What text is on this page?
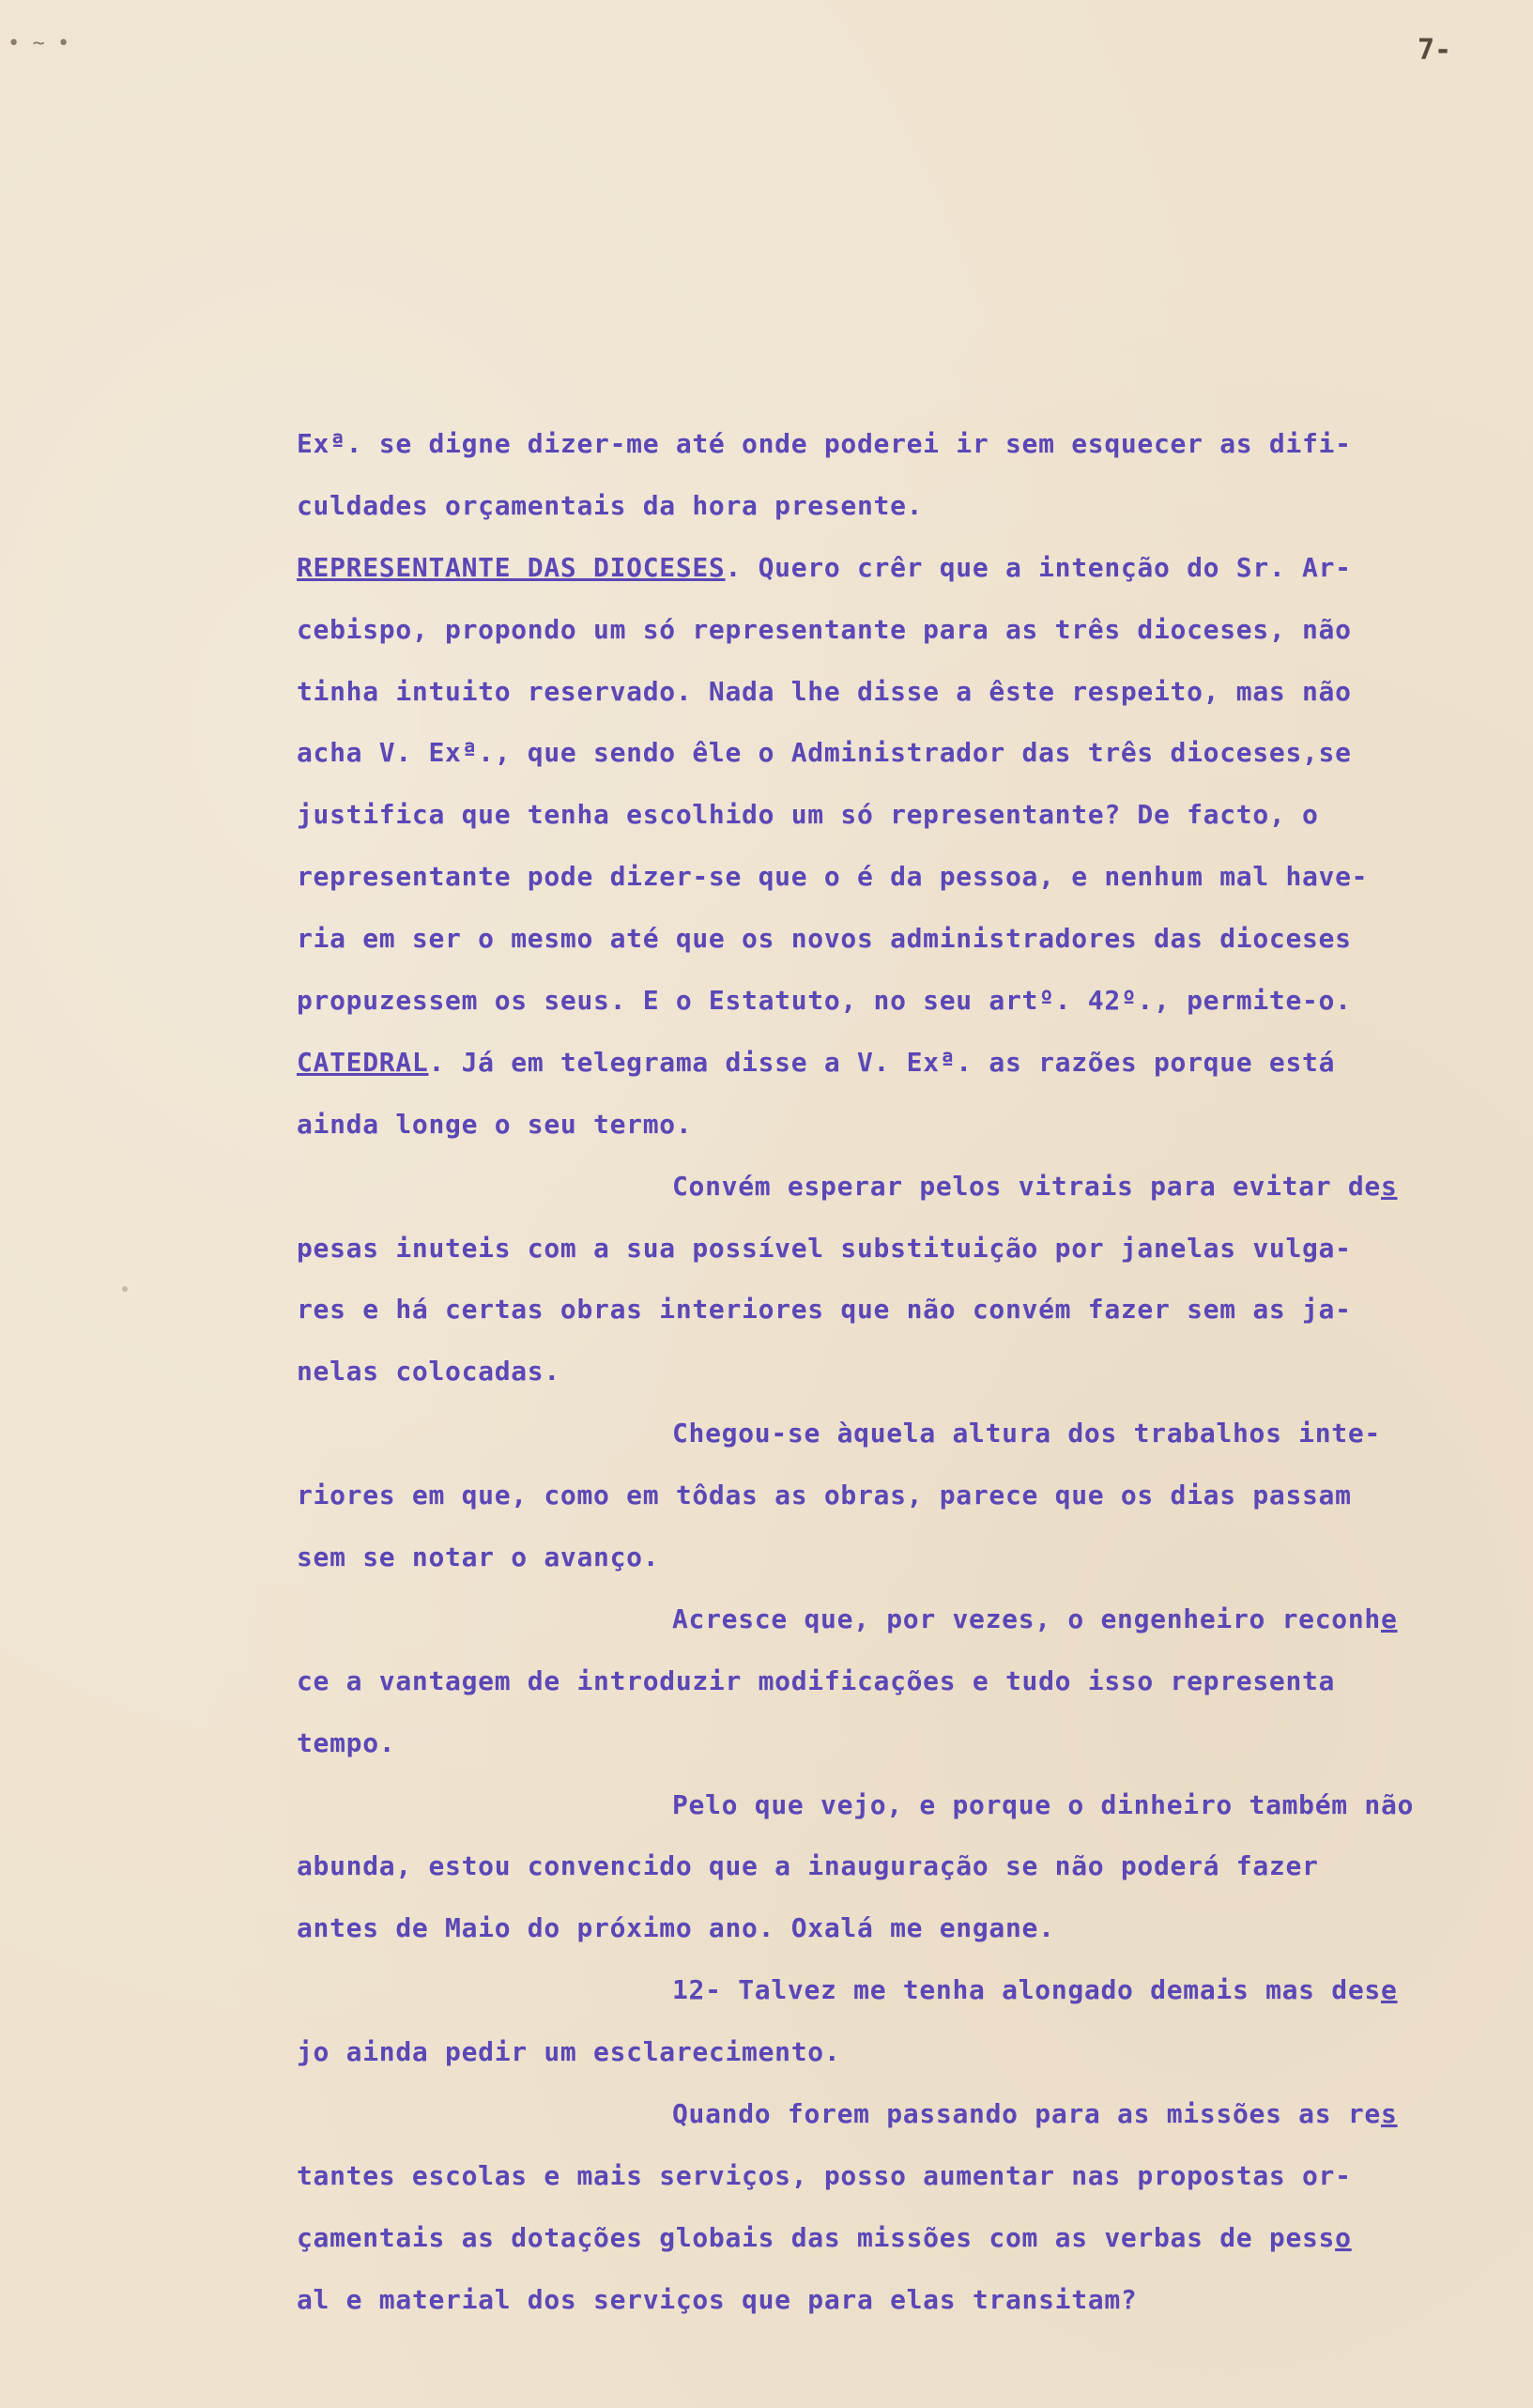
• ~ •	7-
Exª. se digne dizer-me até onde poderei ir sem esquecer as difi-
culdades orçamentais da hora presente.
REPRESENTANTE DAS DIOCESES. Quero crêr que a intenção do Sr. Ar-
cebispo, propondo um só representante para as três dioceses, não
tinha intuito reservado. Nada lhe disse a êste respeito, mas não
acha V. Exª., que sendo êle o Administrador das três dioceses,se
justifica que tenha escolhido um só representante? De facto, o
representante pode dizer-se que o é da pessoa, e nenhum mal have-
ria em ser o mesmo até que os novos administradores das dioceses
propuzessem os seus. E o Estatuto, no seu artº. 42º., permite-o.
CATEDRAL. Já em telegrama disse a V. Exª. as razões porque está
ainda longe o seu termo.
Convém esperar pelos vitrais para evitar des
pesas inuteis com a sua possível substituição por janelas vulga-
res e há certas obras interiores que não convém fazer sem as ja-
nelas colocadas.
Chegou-se àquela altura dos trabalhos inte-
riores em que, como em tôdas as obras, parece que os dias passam
sem se notar o avanço.
Acresce que, por vezes, o engenheiro reconhe
ce a vantagem de introduzir modificações e tudo isso representa
tempo.
Pelo que vejo, e porque o dinheiro também não
abunda, estou convencido que a inauguração se não poderá fazer
antes de Maio do próximo ano. Oxalá me engane.
12- Talvez me tenha alongado demais mas dese
jo ainda pedir um esclarecimento.
Quando forem passando para as missões as res
tantes escolas e mais serviços, posso aumentar nas propostas or-
çamentais as dotações globais das missões com as verbas de pesso
al e material dos serviços que para elas transitam?
